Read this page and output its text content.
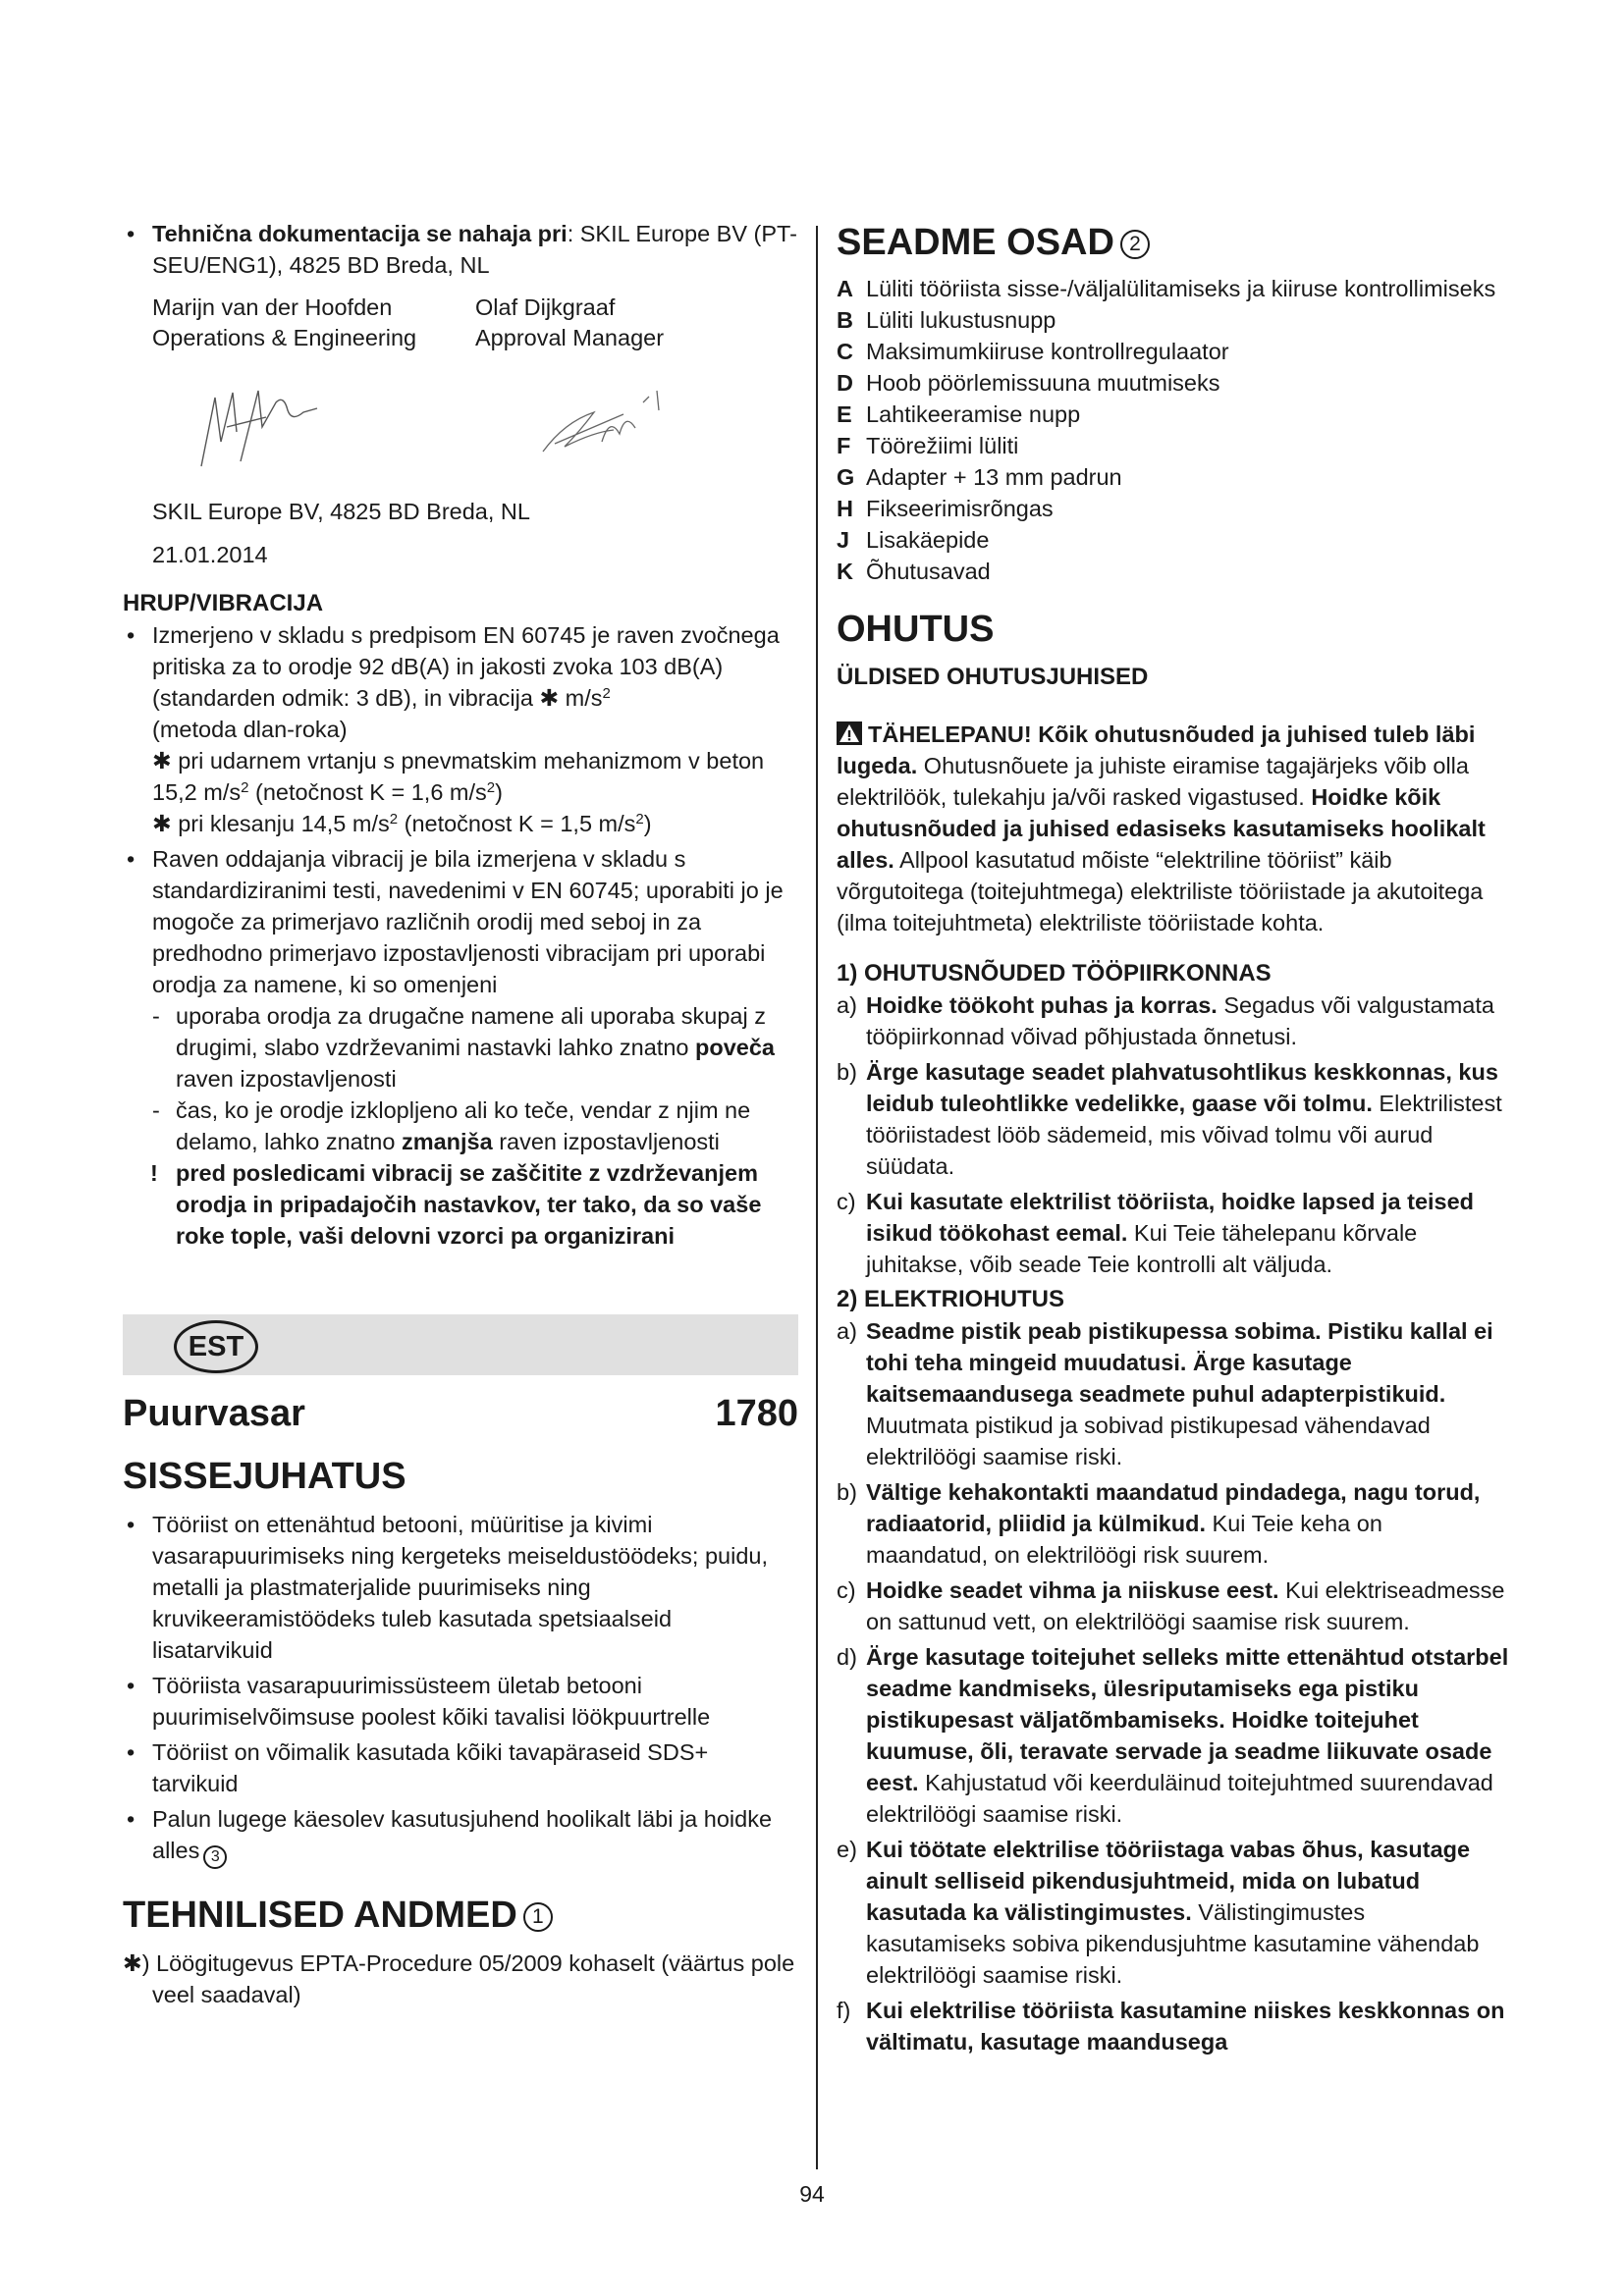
• Tehnična dokumentacija se nahaja pri: SKIL Europe BV (PT-SEU/ENG1), 4825 BD Breda, NL

Marijn van der Hoofden

Operations & Engineering

Olaf Dijkgraaf

Approval Manager

SKIL Europe BV, 4825 BD Breda, NL

21.01.2014

HRUP/VIBRACIJA

• Izmerjeno v skladu s predpisom EN 60745 je raven zvočnega pritiska za to orodje 92 dB(A) in jakosti zvoka 103 dB(A) (standarden odmik: 3 dB), in vibracija ✱ $m/s^2$
(metoda dlan-roka)
✱ pri udarnem vrtanju s pnevmatskim mehanizmom v beton 15,2 $m/s^2$ (netočnost K = 1,6 $m/s^2$)
✱ pri klesanju 14,5 $m/s^2$ (netočnost K = 1,5 $m/s^2$)
• Raven oddajanja vibracij je bila izmerjena v skladu s standardiziranimi testi, navedenimi v EN 60745; uporabiti jo je mogoče za primerjavo različnih orodij med seboj in za predhodno primerjavo izpostavljenosti vibracijam pri uporabi orodja za namene, ki so omenjeni
- uporaba orodja za drugačne namene ali uporaba skupaj z drugimi, slabo vzdrževanimi nastavki lahko znatno poveča raven izpostavljenosti
- čas, ko je orodje izklopljeno ali ko teče, vendar z njim ne delamo, lahko znatno zmanjša raven izpostavljenosti
! pred posledicami vibracij se zaščitite z vzdrževanjem orodja in pripadajočih nastavkov, ter tako, da so vaše roke tople, vaši delovni vzorci pa organizirani
EST
Puurvasar	1780

SISSEJUHATUS

• Tööriist on ettenähtud betooni, müüritise ja kivimi vasarapuurimiseks ning kergeteks meiseldustöödeks; puidu, metalli ja plastmaterjalide puurimiseks ning kruvikeeramistöödeks tuleb kasutada spetsiaalseid lisatarvikuid
• Tööriista vasarapuurimissüsteem ületab betooni puurimiselvõimsuse poolest kõiki tavalisi löökpuurtrelle
• Tööriist on võimalik kasutada kõiki tavapäraseid SDS+ tarvikuid
• Palun lugege käesolev kasutusjuhend hoolikalt läbi ja hoidke alles 3

TEHNILISED ANDMED 1

✱) Löögitugevus EPTA-Procedure 05/2009 kohaselt (väärtus pole veel saadaval)

SEADME OSAD 2

A Lüliti tööriista sisse-/väljalülitamiseks ja kiiruse kontrollimiseks
B Lüliti lukustusnupp
C Maksimumkiiruse kontrollregulaator
D Hoob pöörlemissuuna muutmiseks
E Lahtikeeramise nupp
F Töörežiimi lüliti
G Adapter + 13 mm padrun
H Fikseerimisrõngas
J Lisakäepide
K Õhutusavad

OHUTUS

ÜLDISED OHUTUSJUHISED

TÄHELEPANU! Kõik ohutusnõuded ja juhised tuleb läbi lugeda. Ohutusnõuete ja juhiste eiramise tagajärjeks võib olla elektrilöök, tulekahju ja/või rasked vigastused. Hoidke kõik ohutusnõuded ja juhised edasiseks kasutamiseks hoolikalt alles. Allpool kasutatud mõiste “elektriline tööriist” käib võrgutoitega (toitejuhtmega) elektriliste tööriistade ja akutoitega (ilma toitejuhtmeta) elektriliste tööriistade kohta.

1) OHUTUSNÕUDED TÖÖPIIRKONNAS

a) Hoidke töökoht puhas ja korras. Segadus või valgustamata tööpiirkonnad võivad põhjustada õnnetusi.
b) Ärge kasutage seadet plahvatusohtlikus keskkonnas, kus leidub tuleohtlikke vedelikke, gaase või tolmu. Elektrilistest tööriistadest lööb sädemeid, mis võivad tolmu või aurud süüdata.
c) Kui kasutate elektrilist tööriista, hoidke lapsed ja teised isikud töökohast eemal. Kui Teie tähelepanu kõrvale juhitakse, võib seade Teie kontrolli alt väljuda.

2) ELEKTRIOHUTUS

a) Seadme pistik peab pistikupessa sobima. Pistiku kallal ei tohi teha mingeid muudatusi. Ärge kasutage kaitsemaandusega seadmete puhul adapterpistikuid. Muutmata pistikud ja sobivad pistikupesad vähendavad elektrilöögi saamise riski.
b) Vältige kehakontakti maandatud pindadega, nagu torud, radiaatorid, pliidid ja külmikud. Kui Teie keha on maandatud, on elektrilöögi risk suurem.
c) Hoidke seadet vihma ja niiskuse eest. Kui elektriseadmesse on sattunud vett, on elektrilöögi saamise risk suurem.
d) Ärge kasutage toitejuhet selleks mitte ettenähtud otstarbel seadme kandmiseks, ülesriputamiseks ega pistiku pistikupesast väljatõmbamiseks. Hoidke toitejuhet kuumuse, õli, teravate servade ja seadme liikuvate osade eest. Kahjustatud või keerduläinud toitejuhtmed suurendavad elektrilöögi saamise riski.
e) Kui töötate elektrilise tööriistaga vabas õhus, kasutage ainult selliseid pikendusjuhtmeid, mida on lubatud kasutada ka välistingimustes. Välistingimustes kasutamiseks sobiva pikendusjuhtme kasutamine vähendab elektrilöögi saamise riski.
f) Kui elektrilise tööriista kasutamine niiskes keskkonnas on vältimatu, kasutage maandusega
94
